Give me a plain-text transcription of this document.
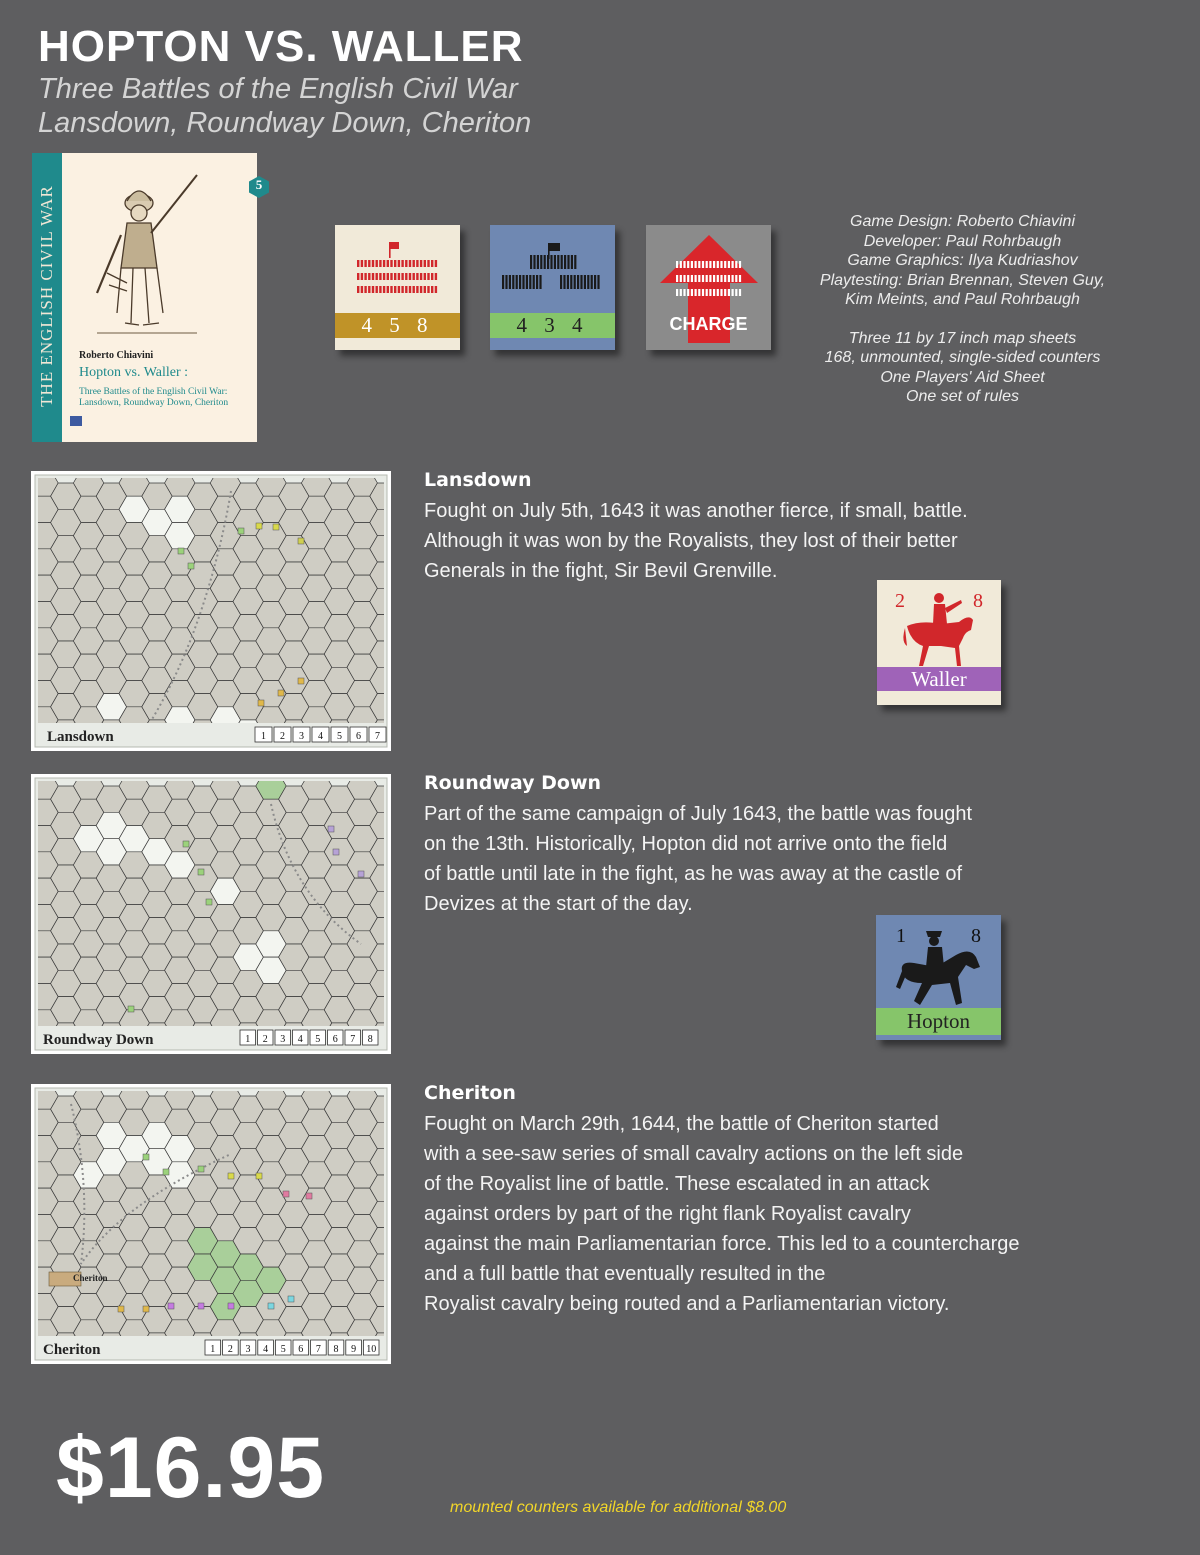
HOPTON VS. WALLER
Three Battles of the English Civil War
Lansdown, Roundway Down, Cheriton
THE ENGLISH CIVIL WAR
5
Roberto Chiavini
Hopton vs. Waller :
Three Battles of the English Civil War: Lansdown, Roundway Down, Cheriton
4 5 8	4 3 4	CHARGE
Game Design: Roberto Chiavini
Developer: Paul Rohrbaugh
Game Graphics: Ilya Kudriashov
Playtesting: Brian Brennan, Steven Guy,
Kim Meints, and Paul Rohrbaugh
Three 11 by 17 inch map sheets
168, unmounted, single-sided counters
One Players' Aid Sheet
One set of rules
Lansdown	1 2 3 4 5 6 7
Roundway Down	1 2 3 4 5 6 7 8
Cheriton
Cheriton
1 2 3 4 5 6 7 8 9 10
Lansdown
Fought on July 5th, 1643 it was another fierce, if small, battle.
Although it was won by the Royalists, they lost of their better
Generals in the fight, Sir Bevil Grenville.
Roundway Down
Part of the same campaign of July 1643, the battle was fought
on the 13th. Historically, Hopton did not arrive onto the field
of battle until late in the fight, as he was away at the castle of
Devizes at the start of the day.
Cheriton
Fought on March 29th, 1644, the battle of Cheriton started
with a see-saw series of small cavalry actions on the left side
of the Royalist line of battle. These escalated in an attack
against orders by part of the right flank Royalist cavalry
against the main Parliamentarian force. This led to a countercharge
and a full battle that eventually resulted in the
Royalist cavalry being routed and a Parliamentarian victory.
2	8
Waller
1	8
Hopton
$16.95	mounted counters available for additional $8.00
